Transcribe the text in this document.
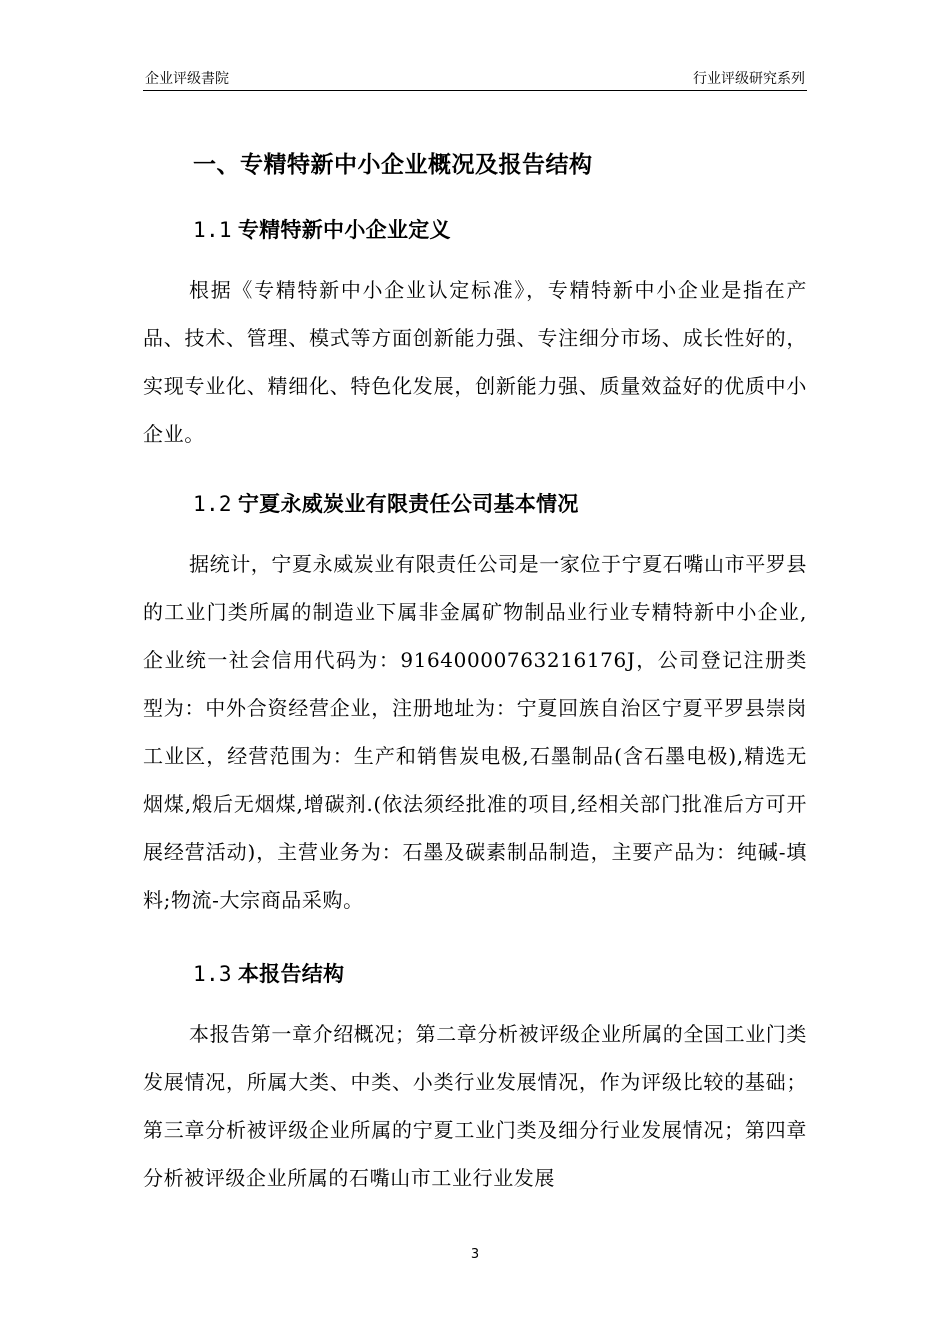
企业评级書院	行业评级研究系列
一、专精特新中小企业概况及报告结构
1.1 专精特新中小企业定义
根据《专精特新中小企业认定标准》，专精特新中小企业是指在产品、技术、管理、模式等方面创新能力强、专注细分市场、成长性好的，实现专业化、精细化、特色化发展，创新能力强、质量效益好的优质中小企业。
1.2 宁夏永威炭业有限责任公司基本情况
据统计，宁夏永威炭业有限责任公司是一家位于宁夏石嘴山市平罗县的工业门类所属的制造业下属非金属矿物制品业行业专精特新中小企业,企业统一社会信用代码为：91640000763216176J，公司登记注册类型为：中外合资经营企业，注册地址为：宁夏回族自治区宁夏平罗县崇岗工业区，经营范围为：生产和销售炭电极,石墨制品(含石墨电极),精选无烟煤,煅后无烟煤,增碳剂.(依法须经批准的项目,经相关部门批准后方可开展经营活动)，主营业务为：石墨及碳素制品制造，主要产品为：纯碱-填料;物流-大宗商品采购。
1.3 本报告结构
本报告第一章介绍概况；第二章分析被评级企业所属的全国工业门类发展情况，所属大类、中类、小类行业发展情况，作为评级比较的基础；第三章分析被评级企业所属的宁夏工业门类及细分行业发展情况；第四章分析被评级企业所属的石嘴山市工业行业发展
3
